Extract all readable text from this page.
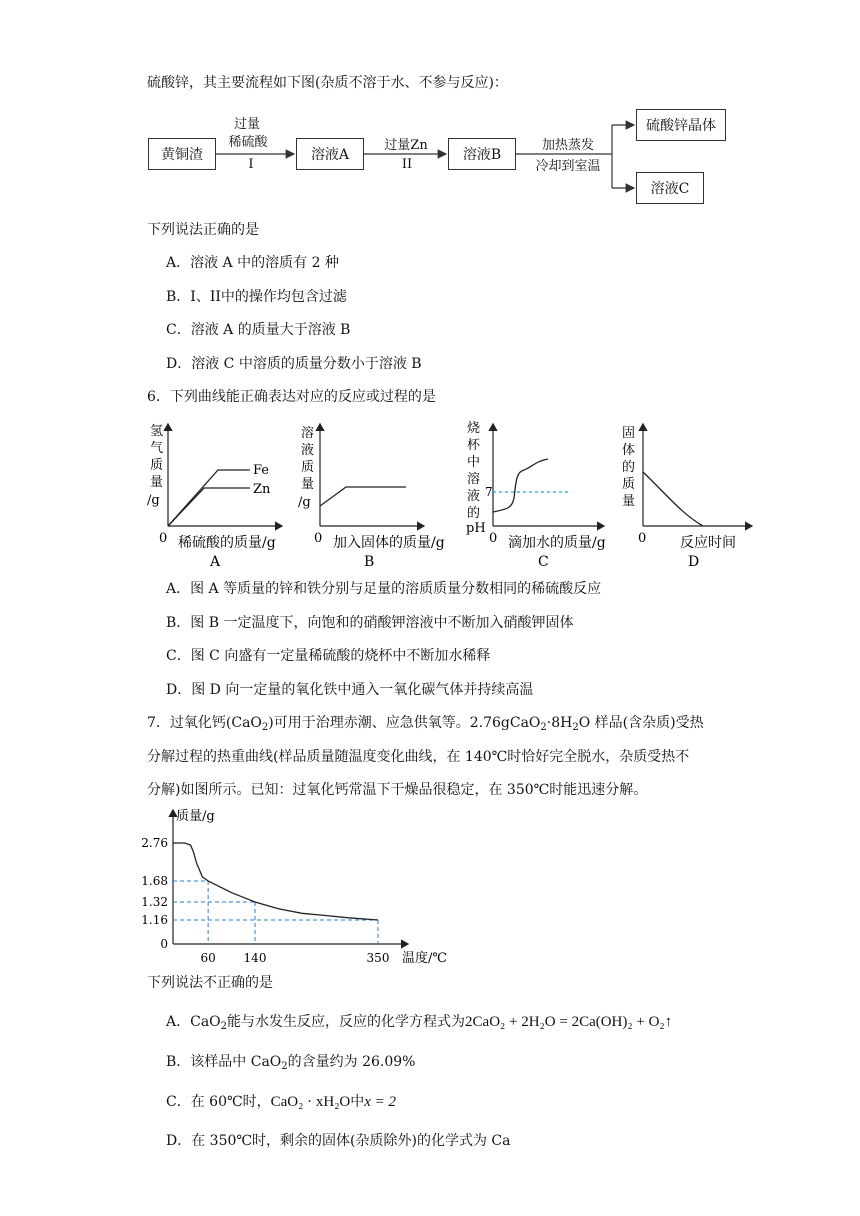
硫酸锌，其主要流程如下图(杂质不溶于水、不参与反应)：
黄铜渣	溶液A	溶液B
硫酸锌晶体
溶液C
过量
稀硫酸
I
过量Zn
II
加热蒸发
冷却到室温
下列说法正确的是
A．溶液 A 中的溶质有 2 种
B．I、II中的操作均包含过滤
C．溶液 A 的质量大于溶液 B
D．溶液 C 中溶质的质量分数小于溶液 B
6．下列曲线能正确表达对应的反应或过程的是
Fe
Zn
氢
气
质
量
/g
0 稀硫酸的质量/g
A
溶
液
质
量
/g
0 加入固体的质量/g
B
烧
杯
中
溶
液
的
pH
7
0 滴加水的质量/g
C
固
体
的
质
量
0 反应时间
D
A．图 A 等质量的锌和铁分别与足量的溶质质量分数相同的稀硫酸反应
B．图 B 一定温度下，向饱和的硝酸钾溶液中不断加入硝酸钾固体
C．图 C 向盛有一定量稀硫酸的烧杯中不断加水稀释
D．图 D 向一定量的氧化铁中通入一氧化碳气体并持续高温
7．过氧化钙(CaO$_2$)可用于治理赤潮、应急供氧等。$2.76gCaO_2\cdot 8H_2O$ 样品(含杂质)受热
分解过程的热重曲线(样品质量随温度变化曲线，在 140℃时恰好完全脱水，杂质受热不
分解)如图所示。已知：过氧化钙常温下干燥品很稳定，在 350℃时能迅速分解。
质量/g
温度/℃
2.76
1.68
1.32
1.16
0
60 140	350
下列说法不正确的是
A．CaO$_2$能与水发生反应，反应的化学方程式为2CaO₂ + 2H₂O = 2Ca(OH)₂ + O₂↑
B．该样品中 CaO$_2$的含量约为 26.09%
C．在 60℃时，CaO₂ · xH₂O中x = 2
D．在 350℃时，剩余的固体(杂质除外)的化学式为 Ca
